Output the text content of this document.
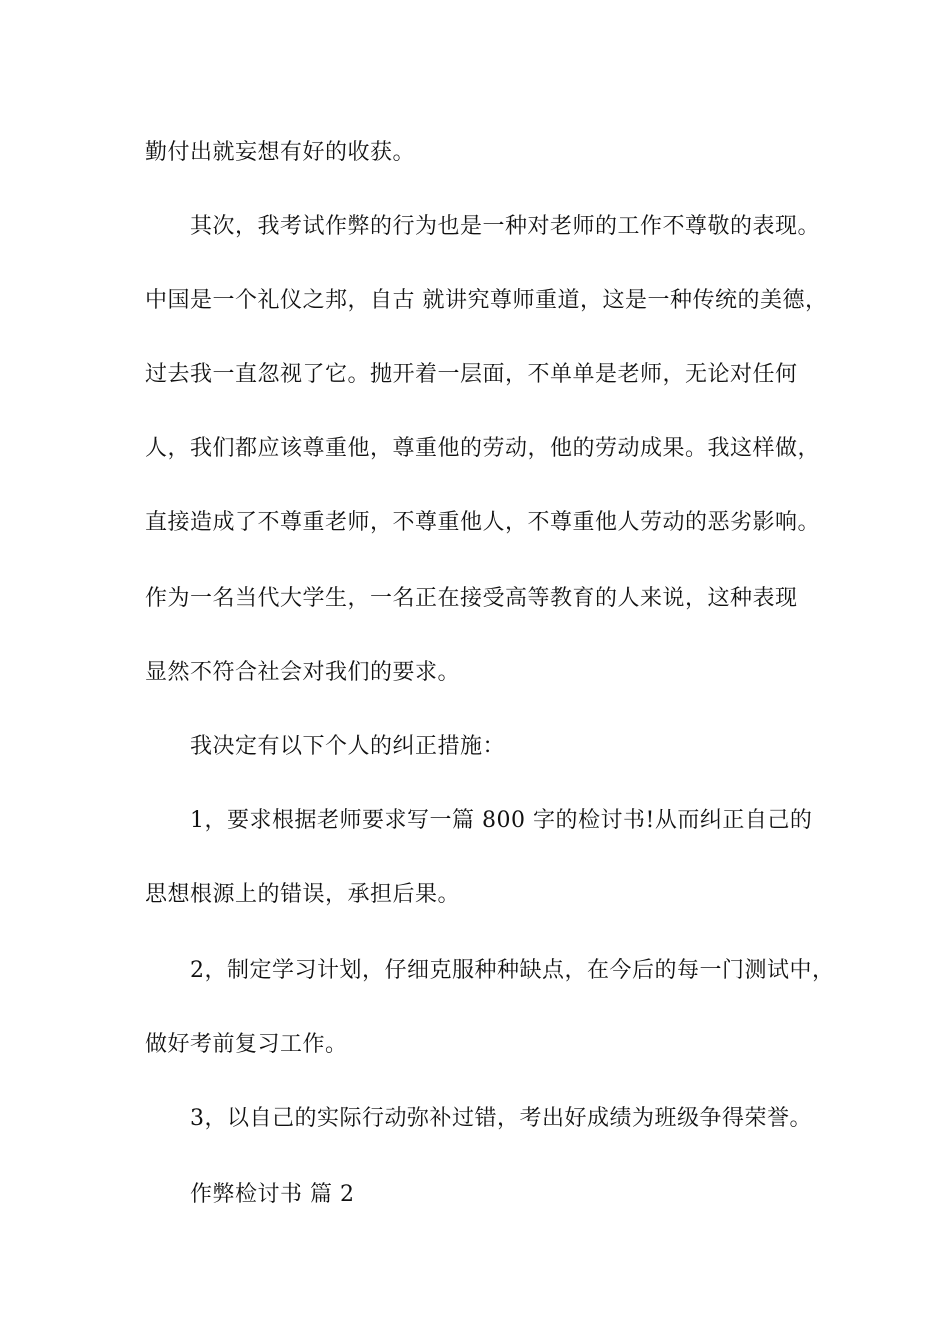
勤付出就妄想有好的收获。
其次，我考试作弊的行为也是一种对老师的工作不尊敬的表现。
中国是一个礼仪之邦，自古 就讲究尊师重道，这是一种传统的美德，
过去我一直忽视了它。抛开着一层面，不单单是老师，无论对任何
人，我们都应该尊重他，尊重他的劳动，他的劳动成果。我这样做，
直接造成了不尊重老师，不尊重他人，不尊重他人劳动的恶劣影响。
作为一名当代大学生，一名正在接受高等教育的人来说，这种表现
显然不符合社会对我们的要求。
我决定有以下个人的纠正措施：
1，要求根据老师要求写一篇 800 字的检讨书!从而纠正自己的
思想根源上的错误，承担后果。
2，制定学习计划，仔细克服种种缺点，在今后的每一门测试中，
做好考前复习工作。
3，以自己的实际行动弥补过错，考出好成绩为班级争得荣誉。
作弊检讨书 篇 2
